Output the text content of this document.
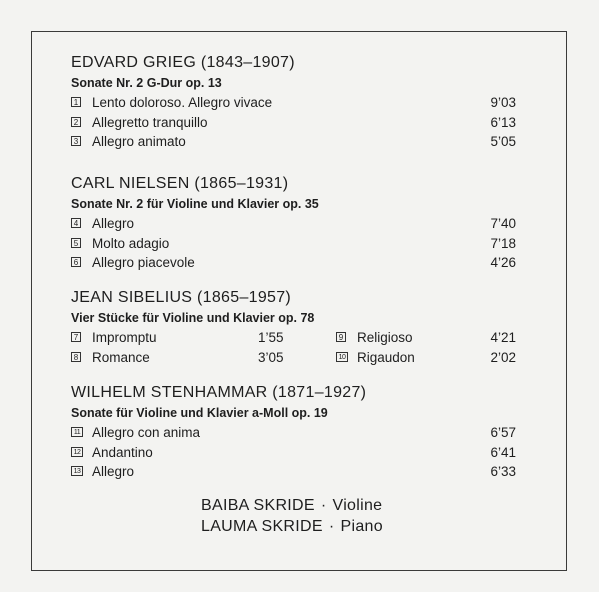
EDVARD GRIEG (1843–1907)
Sonate Nr. 2 G-Dur op. 13
1 Lento doloroso. Allegro vivace	9’03
2 Allegretto tranquillo	6’13
3 Allegro animato	5’05
CARL NIELSEN (1865–1931)
Sonate Nr. 2 für Violine und Klavier op. 35
4 Allegro	7’40
5 Molto adagio	7’18
6 Allegro piacevole	4’26
JEAN SIBELIUS (1865–1957)
Vier Stücke für Violine und Klavier op. 78
7 Impromptu	1’55	9 Religioso	4’21
8 Romance	3’05	10 Rigaudon	2’02
WILHELM STENHAMMAR (1871–1927)
Sonate für Violine und Klavier a-Moll op. 19
11 Allegro con anima	6’57
12 Andantino	6’41
13 Allegro	6’33
BAIBA SKRIDE · Violine
LAUMA SKRIDE · Piano
